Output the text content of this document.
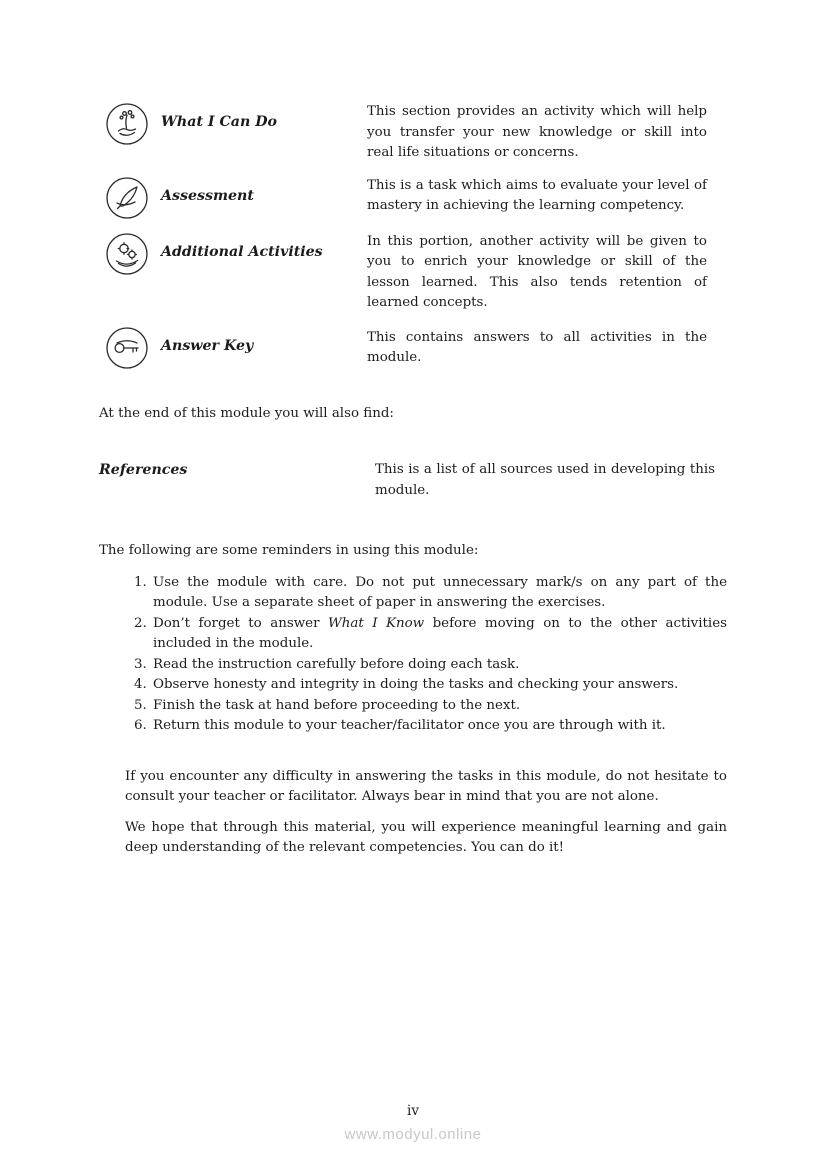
What I Can Do
This section provides an activity which will help you transfer your new knowledge or skill into real life situations or concerns.
Assessment
This is a task which aims to evaluate your level of mastery in achieving the learning competency.
Additional Activities
In this portion, another activity will be given to you to enrich your knowledge or skill of the lesson learned. This also tends retention of learned concepts.
Answer Key
This contains answers to all activities in the module.

At the end of this module you will also find:

References	This is a list of all sources used in developing this module.

The following are some reminders in using this module:

1. Use the module with care. Do not put unnecessary mark/s on any part of the module. Use a separate sheet of paper in answering the exercises.
2. Don’t forget to answer What I Know before moving on to the other activities included in the module.
3. Read the instruction carefully before doing each task.
4. Observe honesty and integrity in doing the tasks and checking your answers.
5. Finish the task at hand before proceeding to the next.
6. Return this module to your teacher/facilitator once you are through with it.

If you encounter any difficulty in answering the tasks in this module, do not hesitate to consult your teacher or facilitator. Always bear in mind that you are not alone.

We hope that through this material, you will experience meaningful learning and gain deep understanding of the relevant competencies. You can do it!

iv
www.modyul.online
